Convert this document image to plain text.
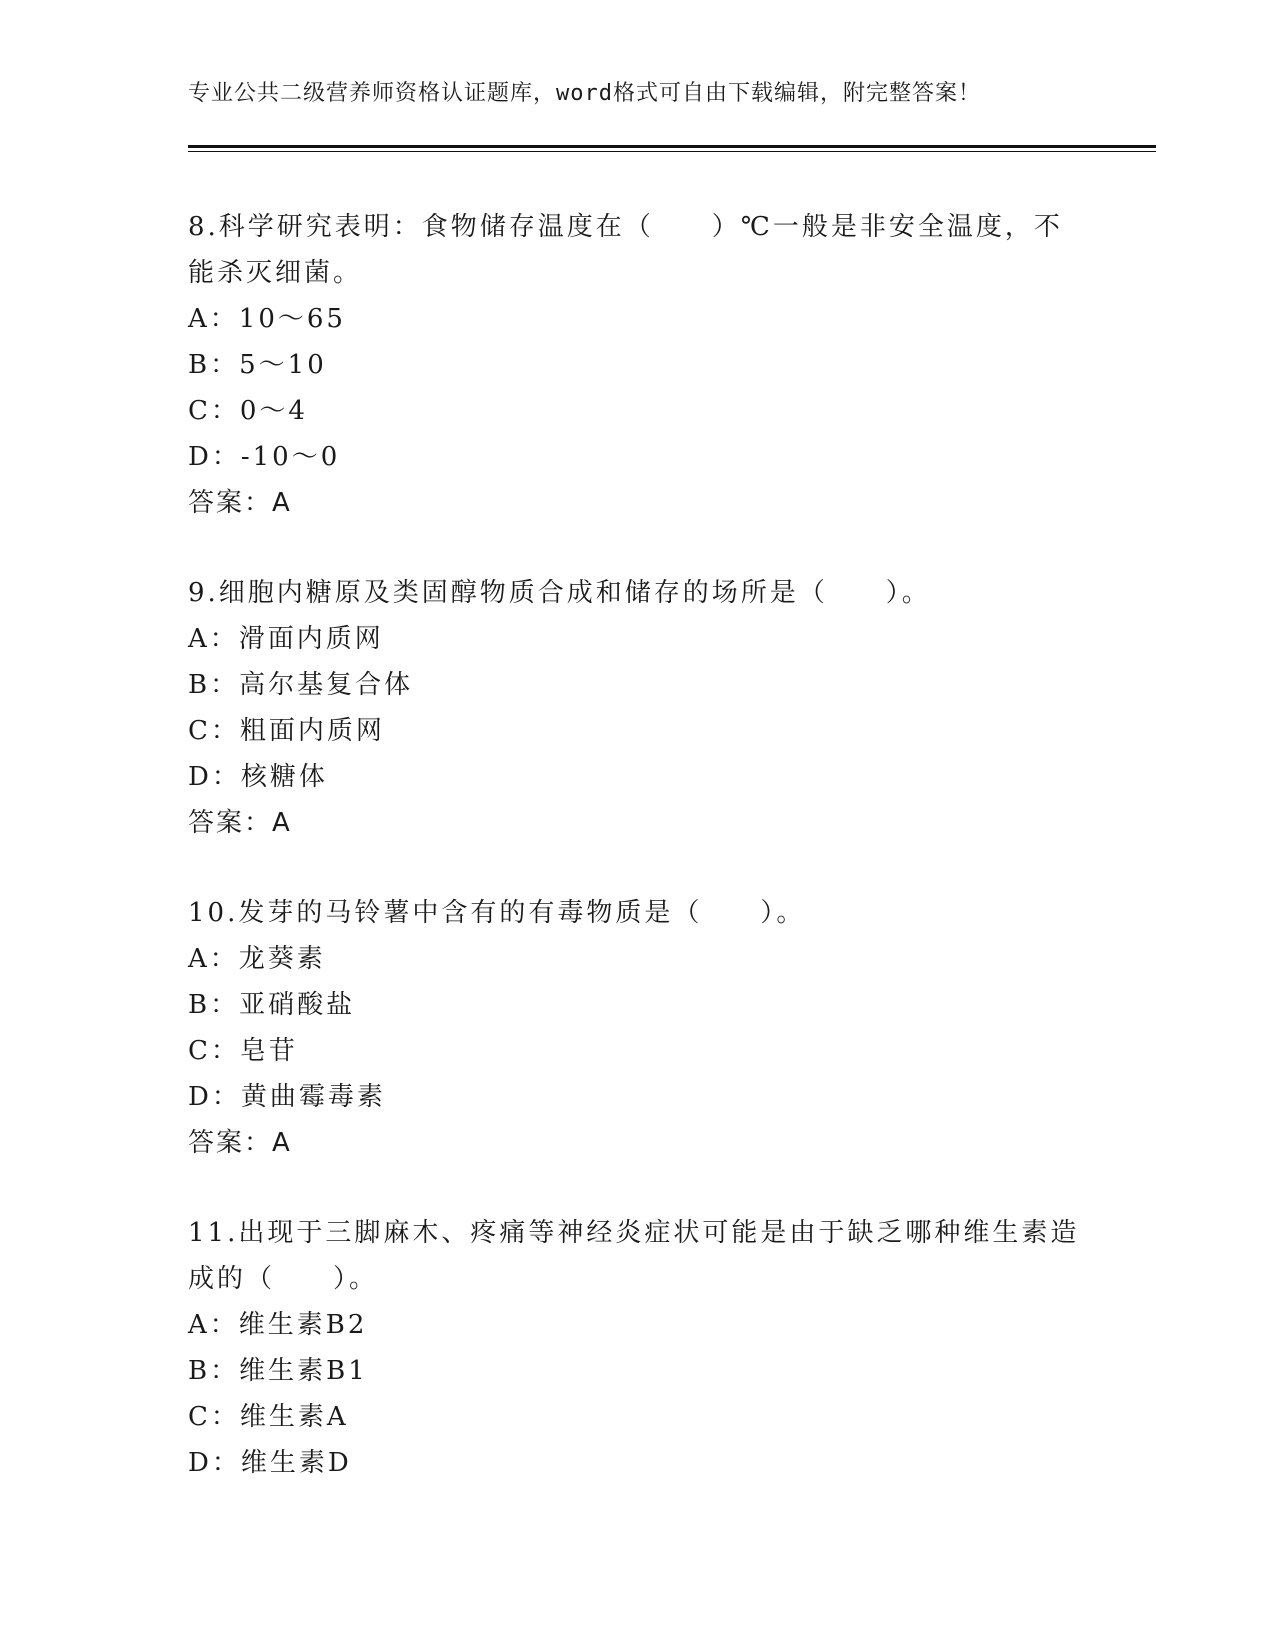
专业公共二级营养师资格认证题库，word格式可自由下载编辑，附完整答案！

8.科学研究表明：食物储存温度在（　　）℃一般是非安全温度，不能杀灭细菌。

A：10～65
B：5～10
C：0～4
D：-10～0
答案：A

9.细胞内糖原及类固醇物质合成和储存的场所是（　　）。

A：滑面内质网
B：高尔基复合体
C：粗面内质网
D：核糖体
答案：A

10.发芽的马铃薯中含有的有毒物质是（　　）。

A：龙葵素
B：亚硝酸盐
C：皂苷
D：黄曲霉毒素
答案：A

11.出现于三脚麻木、疼痛等神经炎症状可能是由于缺乏哪种维生素造成的（　　）。

A：维生素B2
B：维生素B1
C：维生素A
D：维生素D
